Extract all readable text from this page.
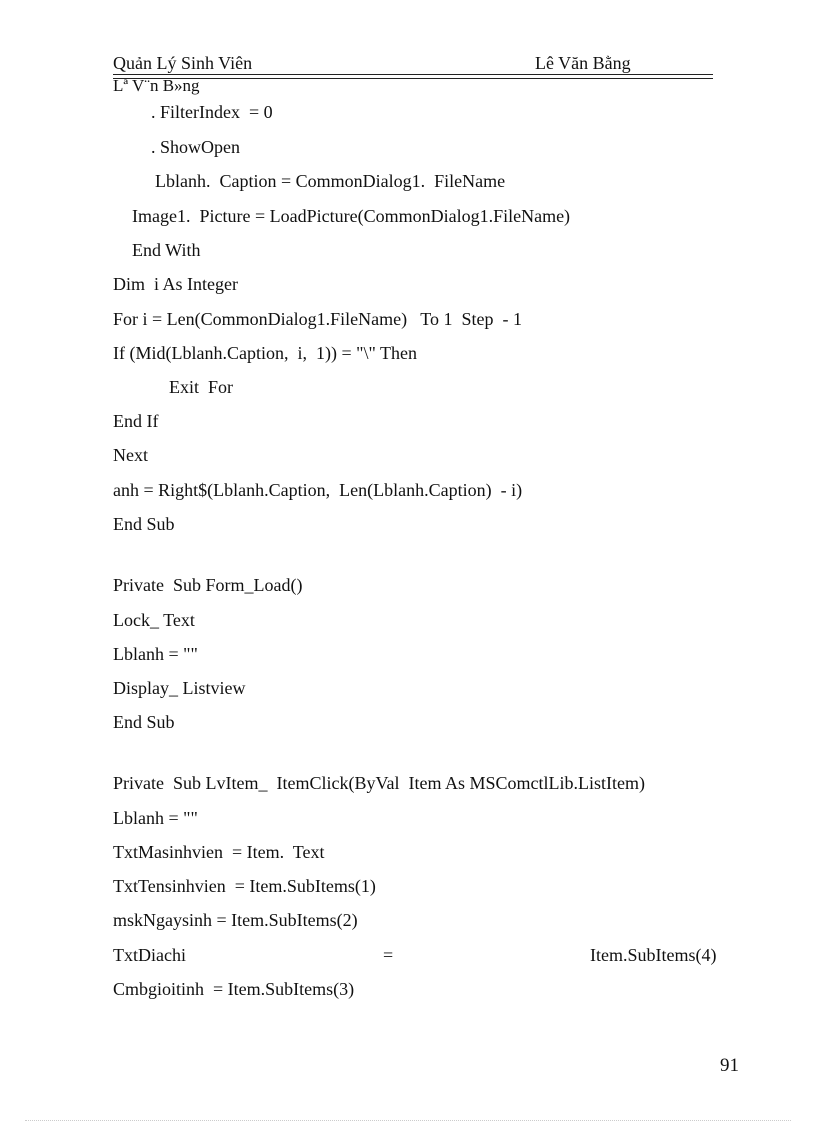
Quản Lý Sinh Viên	Lê Văn Bằng
Lª V¨n B»ng
. FilterIndex  = 0
. ShowOpen
Lblanh.  Caption = CommonDialog1.  FileName
Image1.  Picture = LoadPicture(CommonDialog1.FileName)
End With
Dim  i As Integer
For i = Len(CommonDialog1.FileName)   To 1  Step  - 1
If (Mid(Lblanh.Caption,  i,  1)) = "\" Then
Exit  For
End If
Next
anh = Right$(Lblanh.Caption,  Len(Lblanh.Caption)  - i)
End Sub
Private  Sub Form_Load()
Lock_ Text
Lblanh = ""
Display_ Listview
End Sub
Private  Sub LvItem_  ItemClick(ByVal  Item As MSComctlLib.ListItem)
Lblanh = ""
TxtMasinhvien  = Item.  Text
TxtTensinhvien  = Item.SubItems(1)
mskNgaysinh = Item.SubItems(2)
TxtDiachi	=	Item.SubItems(4)
Cmbgioitinh  = Item.SubItems(3)
91
